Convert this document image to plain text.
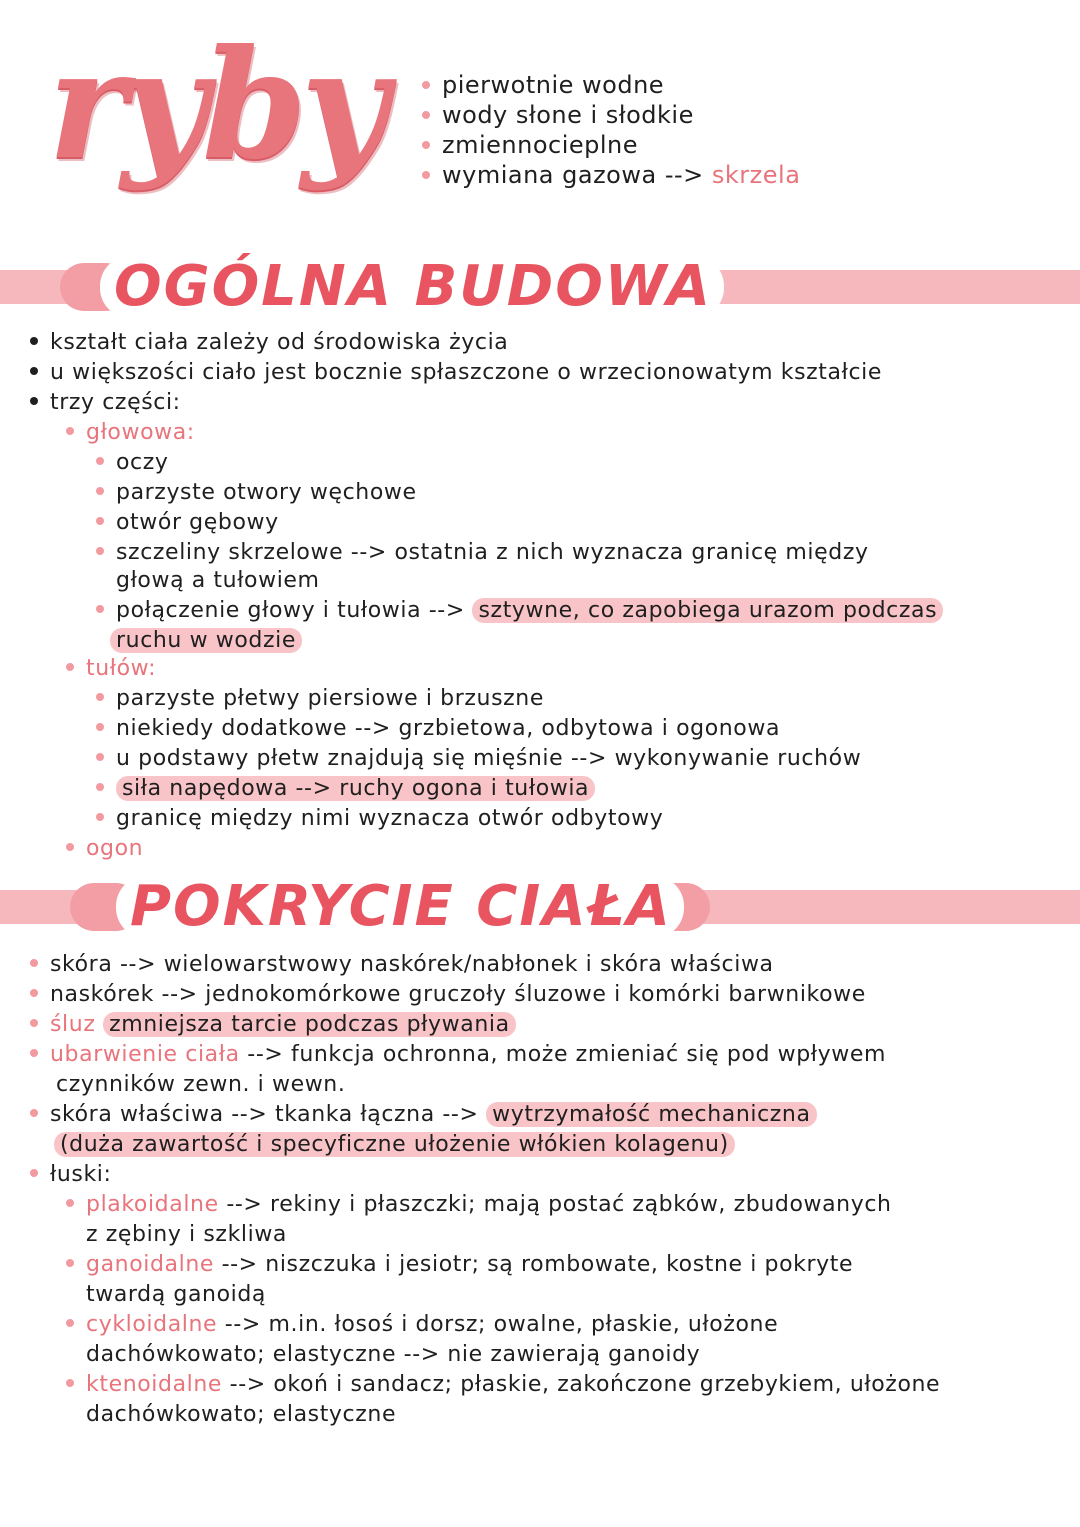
ryby	pierwotnie wodne
wody słone i słodkie
zmiennocieplne
wymiana gazowa --> skrzela
OGÓLNA BUDOWA
kształt ciała zależy od środowiska życia
u większości ciało jest bocznie spłaszczone o wrzecionowatym kształcie
trzy części:
głowowa:
oczy
parzyste otwory węchowe
otwór gębowy
szczeliny skrzelowe --> ostatnia z nich wyznacza granicę między
głową a tułowiem
połączenie głowy i tułowia --> sztywne, co zapobiega urazom podczas
ruchu w wodzie
tułów:
parzyste płetwy piersiowe i brzuszne
niekiedy dodatkowe --> grzbietowa, odbytowa i ogonowa
u podstawy płetw znajdują się mięśnie --> wykonywanie ruchów
siła napędowa --> ruchy ogona i tułowia
granicę między nimi wyznacza otwór odbytowy
ogon
POKRYCIE CIAŁA
skóra --> wielowarstwowy naskórek/nabłonek i skóra właściwa
naskórek --> jednokomórkowe gruczoły śluzowe i komórki barwnikowe
śluz zmniejsza tarcie podczas pływania
ubarwienie ciała --> funkcja ochronna, może zmieniać się pod wpływem
czynników zewn. i wewn.
skóra właściwa --> tkanka łączna --> wytrzymałość mechaniczna
(duża zawartość i specyficzne ułożenie włókien kolagenu)
łuski:
plakoidalne --> rekiny i płaszczki; mają postać ząbków, zbudowanych
z zębiny i szkliwa
ganoidalne --> niszczuka i jesiotr; są rombowate, kostne i pokryte
twardą ganoidą
cykloidalne --> m.in. łosoś i dorsz; owalne, płaskie, ułożone
dachówkowato; elastyczne --> nie zawierają ganoidy
ktenoidalne --> okoń i sandacz; płaskie, zakończone grzebykiem, ułożone
dachówkowato; elastyczne
